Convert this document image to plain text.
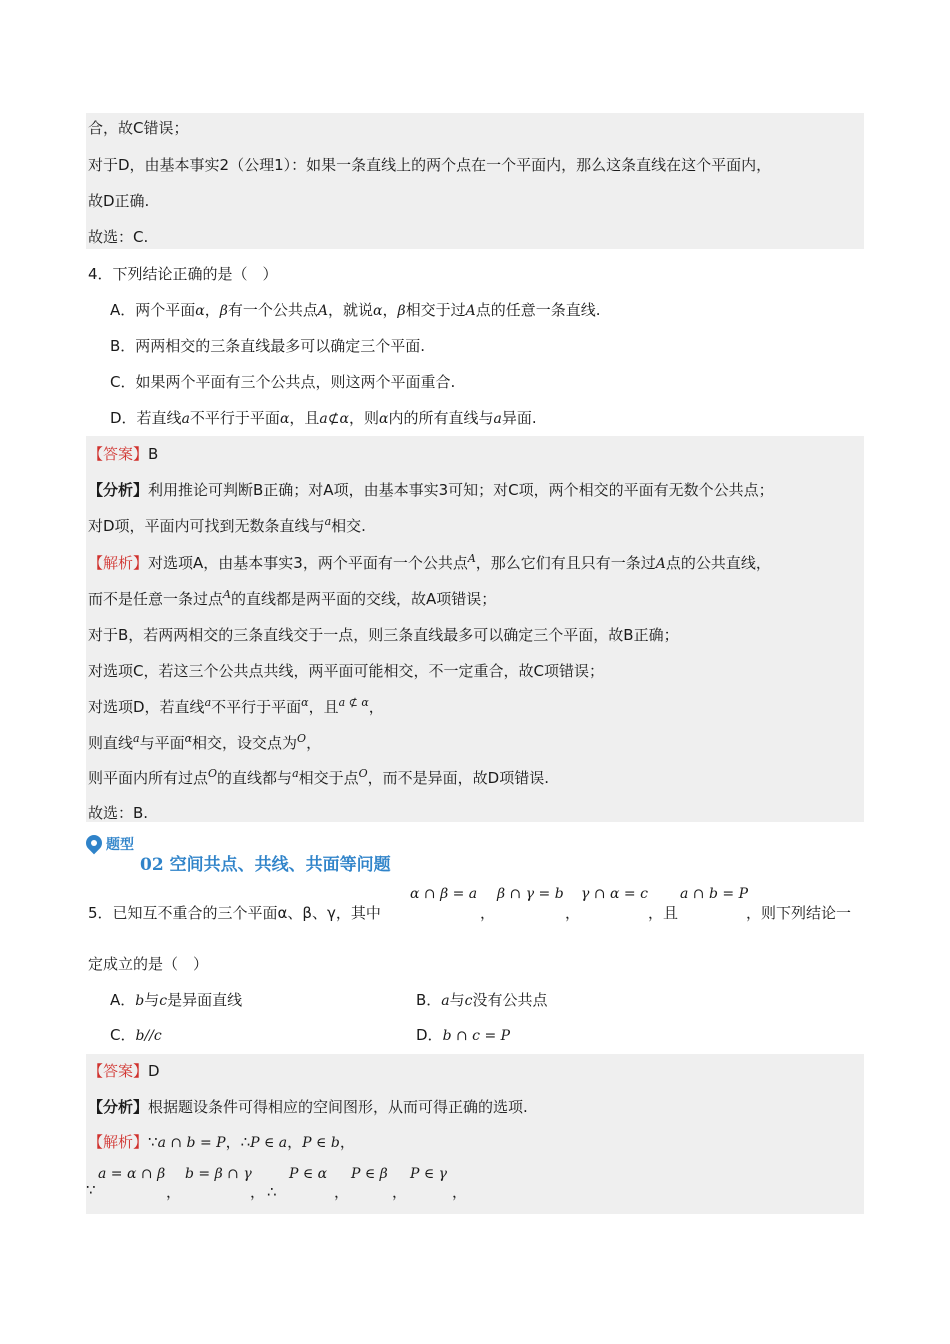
合，故C错误；
对于D，由基本事实2（公理1）：如果一条直线上的两个点在一个平面内，那么这条直线在这个平面内，
故D正确.
故选：C.
4．下列结论正确的是（　）
A．两个平面α，β有一个公共点A，就说α，β相交于过A点的任意一条直线.
B．两两相交的三条直线最多可以确定三个平面.
C．如果两个平面有三个公共点，则这两个平面重合.
D．若直线a不平行于平面α，且a⊄α，则α内的所有直线与a异面.
【答案】B
【分析】利用推论可判断B正确；对A项，由基本事实3可知；对C项，两个相交的平面有无数个公共点；
对D项，平面内可找到无数条直线与$^a$相交.
【解析】对选项A，由基本事实3，两个平面有一个公共点$^A$，那么它们有且只有一条过A点的公共直线，
而不是任意一条过点$^A$的直线都是两平面的交线，故A项错误；
对于B，若两两相交的三条直线交于一点，则三条直线最多可以确定三个平面，故B正确；
对选项C，若这三个公共点共线，两平面可能相交，不一定重合，故C项错误；
对选项D，若直线$^a$不平行于平面$^\alpha$，且$^{a ⊄ \alpha}$，
则直线$^a$与平面$^\alpha$相交，设交点为$^O$，
则平面内所有过点$^O$的直线都与$^a$相交于点$^O$，而不是异面，故D项错误.
故选：B.
题型
02 空间共点、共线、共面等问题
5．已知互不重合的三个平面α、β、γ，其中
α ∩ β = a
，
β ∩ γ = b
，
γ ∩ α = c
，且
a ∩ b = P
，则下列结论一
定成立的是（　）
A．b与c是异面直线	B．a与c没有公共点
C．b//c	D．b ∩ c = P
【答案】D
【分析】根据题设条件可得相应的空间图形，从而可得正确的选项.
【解析】∵a ∩ b = P，∴P ∈ a，P ∈ b，
∵
a = α ∩ β
，
b = β ∩ γ
， ∴
P ∈ α
，
P ∈ β
，
P ∈ γ
，
